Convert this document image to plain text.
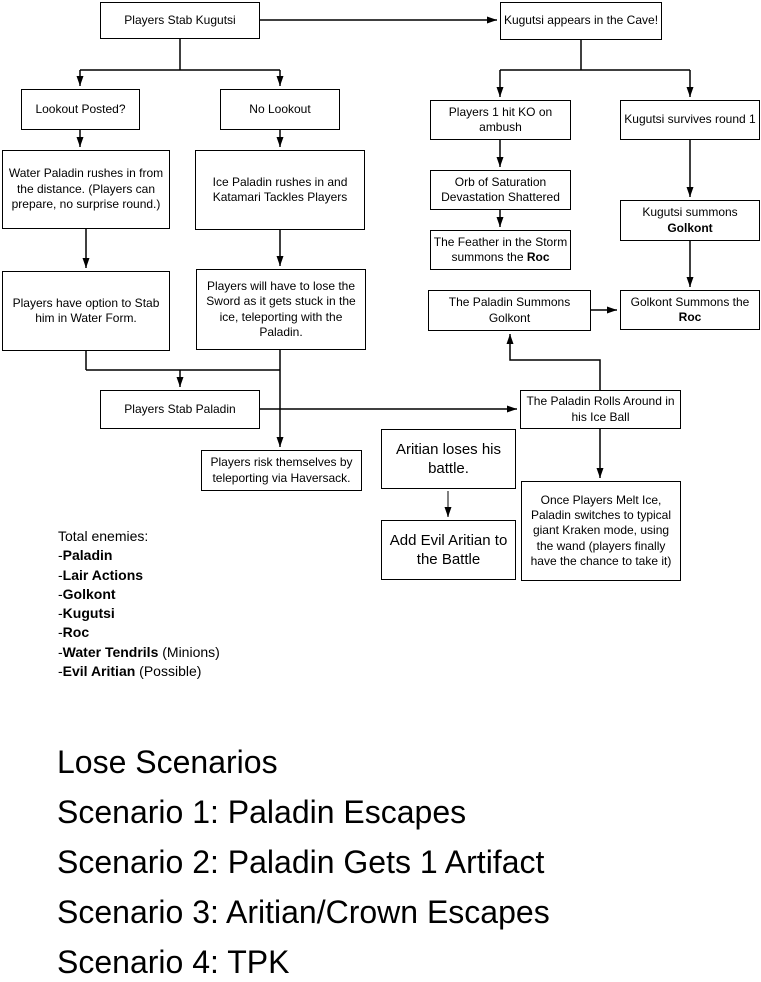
Players Stab Kugutsi	Kugutsi appears in the Cave!
Lookout Posted?	No Lookout	Players 1 hit KO on ambush
Kugutsi survives round 1
Water Paladin rushes in from the distance. (Players can prepare, no surprise round.)
Ice Paladin rushes in and Katamari Tackles Players
Orb of Saturation Devastation Shattered
Kugutsi summons
Golkont
The Feather in the Storm
summons the Roc
Players have option to Stab him in Water Form.
Players will have to lose the Sword as it gets stuck in the ice, teleporting with the Paladin.
The Paladin Summons Golkont
Golkont Summons the
Roc
Players Stab Paladin
The Paladin Rolls Around in his Ice Ball
Players risk themselves by teleporting via Haversack.
Aritian loses his battle.
Once Players Melt Ice, Paladin switches to typical giant Kraken mode, using the wand (players finally have the chance to take it)
Add Evil Aritian to the Battle
Total enemies:
-Paladin
-Lair Actions
-Golkont
-Kugutsi
-Roc
-Water Tendrils (Minions)
-Evil Aritian (Possible)
Lose Scenarios
Scenario 1: Paladin Escapes
Scenario 2: Paladin Gets 1 Artifact
Scenario 3: Aritian/Crown Escapes
Scenario 4: TPK
